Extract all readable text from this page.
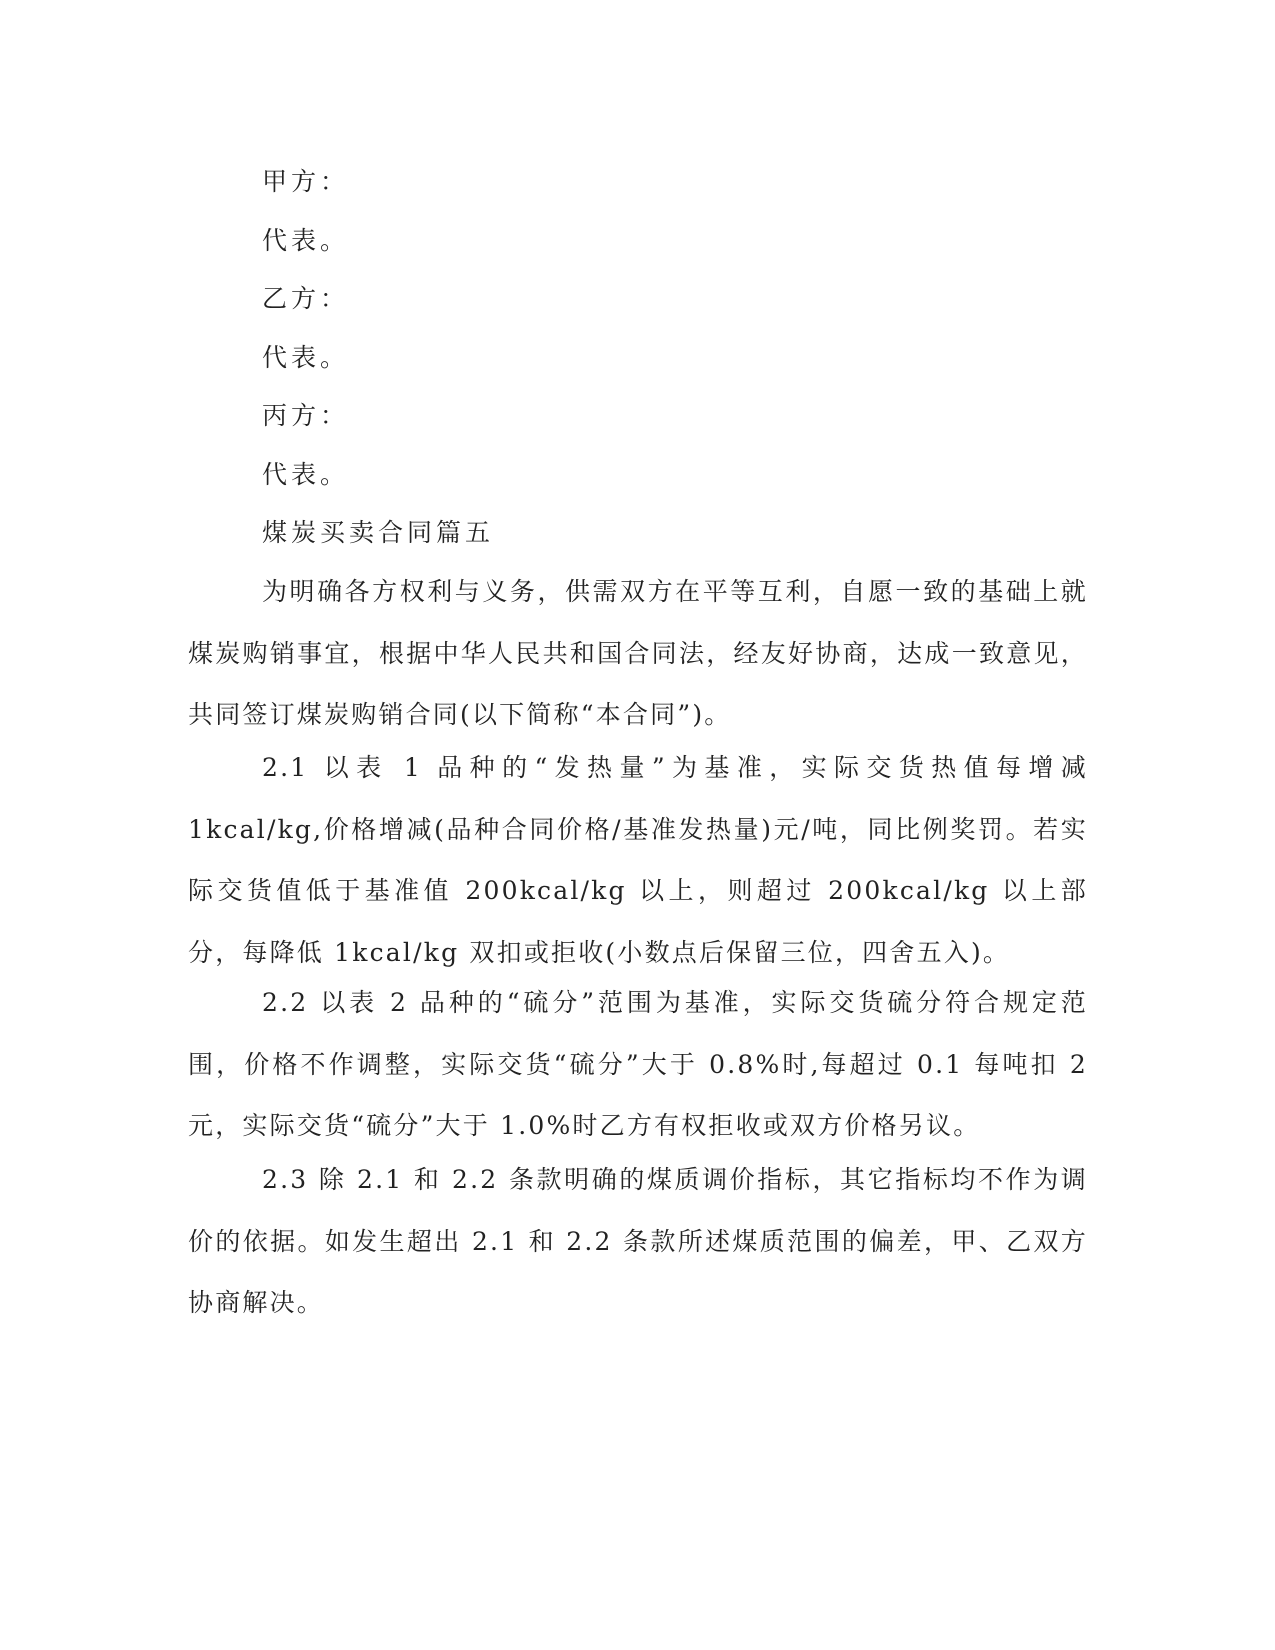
甲方：
代表。
乙方：
代表。
丙方：
代表。
煤炭买卖合同篇五

为明确各方权利与义务，供需双方在平等互利，自愿一致的基础上就煤炭购销事宜，根据中华人民共和国合同法，经友好协商，达成一致意见，共同签订煤炭购销合同(以下简称“本合同”)。

2.1 以表 1 品种的“发热量”为基准，实际交货热值每增减 1kcal/kg,价格增减(品种合同价格/基准发热量)元/吨，同比例奖罚。若实际交货值低于基准值 200kcal/kg 以上，则超过 200kcal/kg 以上部分，每降低 1kcal/kg 双扣或拒收(小数点后保留三位，四舍五入)。

2.2 以表 2 品种的“硫分”范围为基准，实际交货硫分符合规定范围，价格不作调整，实际交货“硫分”大于 0.8%时,每超过 0.1 每吨扣 2 元，实际交货“硫分”大于 1.0%时乙方有权拒收或双方价格另议。

2.3 除 2.1 和 2.2 条款明确的煤质调价指标，其它指标均不作为调价的依据。如发生超出 2.1 和 2.2 条款所述煤质范围的偏差，甲、乙双方协商解决。
